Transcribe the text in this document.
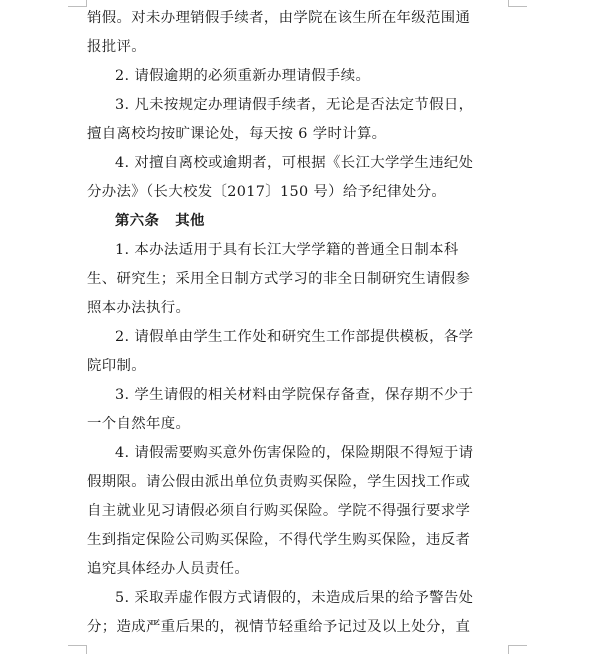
销假。对未办理销假手续者，由学院在该生所在年级范围通
报批评。
2. 请假逾期的必须重新办理请假手续。
3. 凡未按规定办理请假手续者，无论是否法定节假日，
擅自离校均按旷课论处，每天按 6 学时计算。
4. 对擅自离校或逾期者，可根据《长江大学学生违纪处
分办法》（长大校发〔2017〕150 号）给予纪律处分。
第六条 其他
1. 本办法适用于具有长江大学学籍的普通全日制本科
生、研究生；采用全日制方式学习的非全日制研究生请假参
照本办法执行。
2. 请假单由学生工作处和研究生工作部提供模板，各学
院印制。
3. 学生请假的相关材料由学院保存备查，保存期不少于
一个自然年度。
4. 请假需要购买意外伤害保险的，保险期限不得短于请
假期限。请公假由派出单位负责购买保险，学生因找工作或
自主就业见习请假必须自行购买保险。学院不得强行要求学
生到指定保险公司购买保险，不得代学生购买保险，违反者
追究具体经办人员责任。
5. 采取弄虚作假方式请假的，未造成后果的给予警告处
分；造成严重后果的，视情节轻重给予记过及以上处分，直
